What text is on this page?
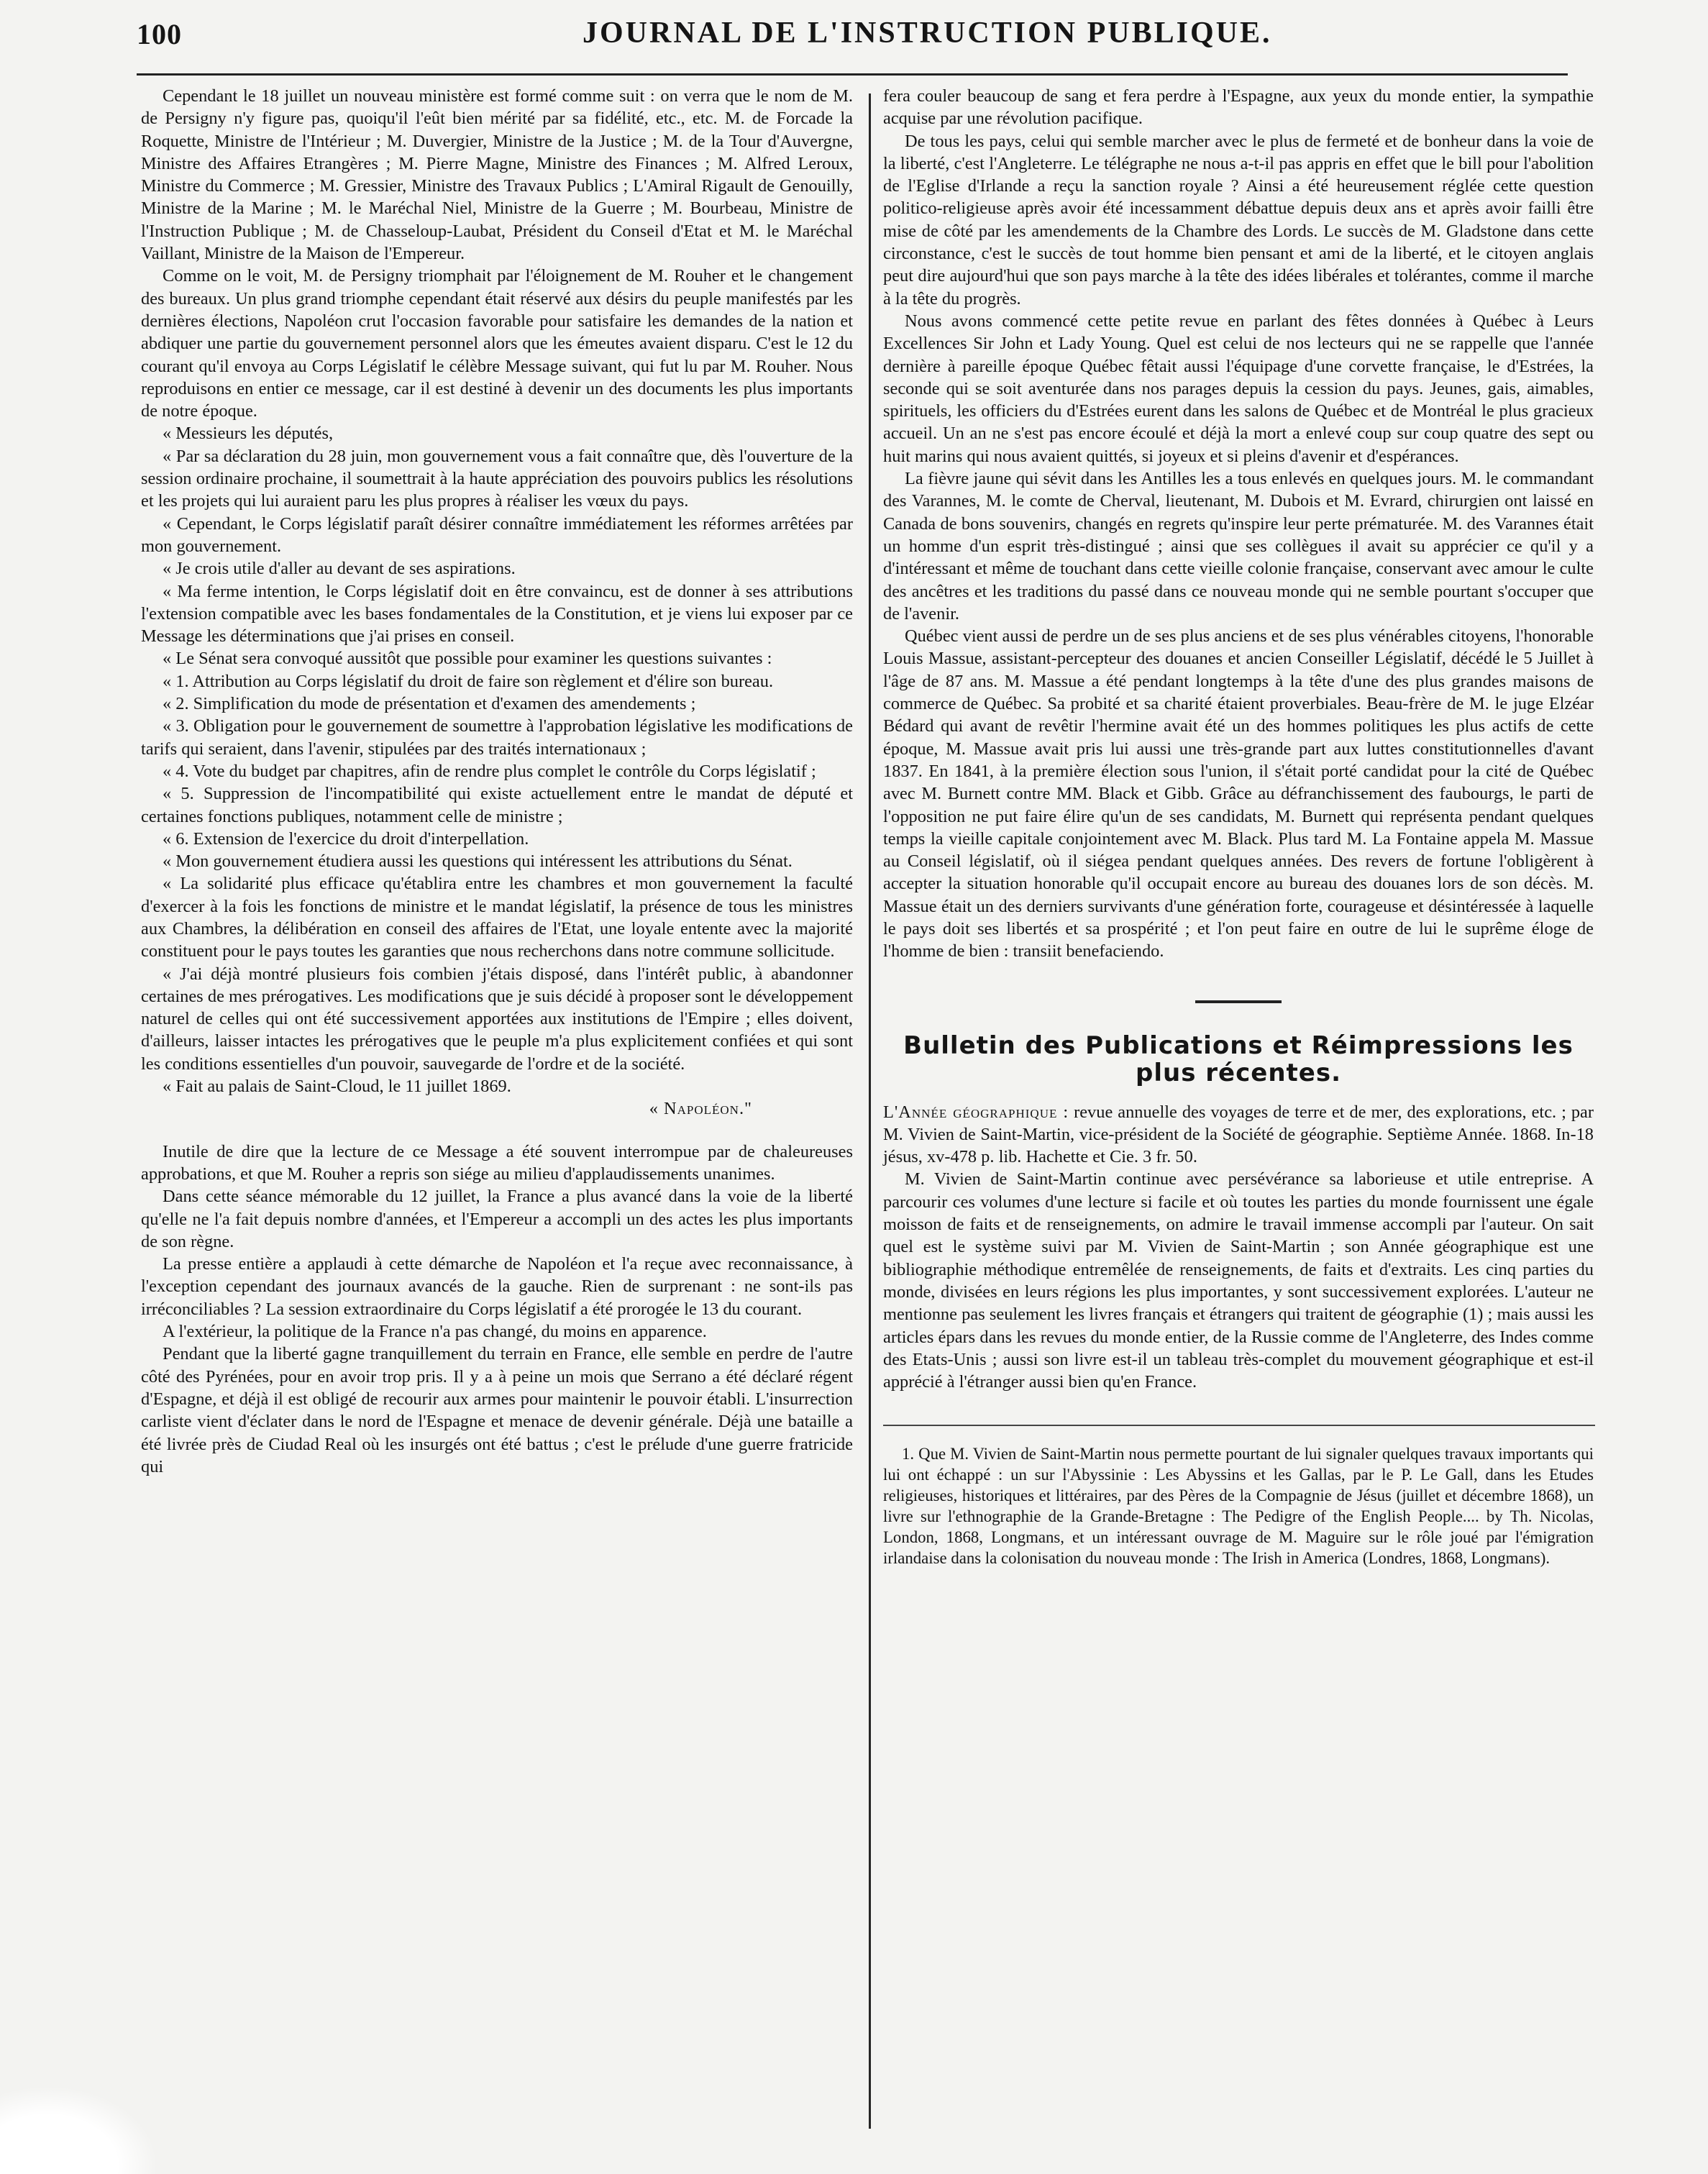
100	JOURNAL DE L'INSTRUCTION PUBLIQUE.

Cependant le 18 juillet un nouveau ministère est formé comme suit : on verra que le nom de M. de Persigny n'y figure pas, quoiqu'il l'eût bien mérité par sa fidélité, etc., etc. M. de Forcade la Roquette, Ministre de l'Intérieur ; M. Duvergier, Ministre de la Justice ; M. de la Tour d'Auvergne, Ministre des Affaires Etrangères ; M. Pierre Magne, Ministre des Finances ; M. Alfred Leroux, Ministre du Commerce ; M. Gressier, Ministre des Travaux Publics ; L'Amiral Rigault de Genouilly, Ministre de la Marine ; M. le Maréchal Niel, Ministre de la Guerre ; M. Bourbeau, Ministre de l'Instruction Publique ; M. de Chasseloup-Laubat, Président du Conseil d'Etat et M. le Maréchal Vaillant, Ministre de la Maison de l'Empereur.

Comme on le voit, M. de Persigny triomphait par l'éloignement de M. Rouher et le changement des bureaux. Un plus grand triomphe cependant était réservé aux désirs du peuple manifestés par les dernières élections, Napoléon crut l'occasion favorable pour satisfaire les demandes de la nation et abdiquer une partie du gouvernement personnel alors que les émeutes avaient disparu. C'est le 12 du courant qu'il envoya au Corps Législatif le célèbre Message suivant, qui fut lu par M. Rouher. Nous reproduisons en entier ce message, car il est destiné à devenir un des documents les plus importants de notre époque.

« Messieurs les députés,

« Par sa déclaration du 28 juin, mon gouvernement vous a fait connaître que, dès l'ouverture de la session ordinaire prochaine, il soumettrait à la haute appréciation des pouvoirs publics les résolutions et les projets qui lui auraient paru les plus propres à réaliser les vœux du pays.

« Cependant, le Corps législatif paraît désirer connaître immédiatement les réformes arrêtées par mon gouvernement.

« Je crois utile d'aller au devant de ses aspirations.

« Ma ferme intention, le Corps législatif doit en être convaincu, est de donner à ses attributions l'extension compatible avec les bases fondamentales de la Constitution, et je viens lui exposer par ce Message les déterminations que j'ai prises en conseil.

« Le Sénat sera convoqué aussitôt que possible pour examiner les questions suivantes :

« 1. Attribution au Corps législatif du droit de faire son règlement et d'élire son bureau.

« 2. Simplification du mode de présentation et d'examen des amendements ;

« 3. Obligation pour le gouvernement de soumettre à l'approbation législative les modifications de tarifs qui seraient, dans l'avenir, stipulées par des traités internationaux ;

« 4. Vote du budget par chapitres, afin de rendre plus complet le contrôle du Corps législatif ;

« 5. Suppression de l'incompatibilité qui existe actuellement entre le mandat de député et certaines fonctions publiques, notamment celle de ministre ;

« 6. Extension de l'exercice du droit d'interpellation.

« Mon gouvernement étudiera aussi les questions qui intéressent les attributions du Sénat.

« La solidarité plus efficace qu'établira entre les chambres et mon gouvernement la faculté d'exercer à la fois les fonctions de ministre et le mandat législatif, la présence de tous les ministres aux Chambres, la délibération en conseil des affaires de l'Etat, une loyale entente avec la majorité constituent pour le pays toutes les garanties que nous recherchons dans notre commune sollicitude.

« J'ai déjà montré plusieurs fois combien j'étais disposé, dans l'intérêt public, à abandonner certaines de mes prérogatives. Les modifications que je suis décidé à proposer sont le développement naturel de celles qui ont été successivement apportées aux institutions de l'Empire ; elles doivent, d'ailleurs, laisser intactes les prérogatives que le peuple m'a plus explicitement confiées et qui sont les conditions essentielles d'un pouvoir, sauvegarde de l'ordre et de la société.

« Fait au palais de Saint-Cloud, le 11 juillet 1869.

« Napoléon."

Inutile de dire que la lecture de ce Message a été souvent interrompue par de chaleureuses approbations, et que M. Rouher a repris son siége au milieu d'applaudissements unanimes.

Dans cette séance mémorable du 12 juillet, la France a plus avancé dans la voie de la liberté qu'elle ne l'a fait depuis nombre d'années, et l'Empereur a accompli un des actes les plus importants de son règne.

La presse entière a applaudi à cette démarche de Napoléon et l'a reçue avec reconnaissance, à l'exception cependant des journaux avancés de la gauche. Rien de surprenant : ne sont-ils pas irréconciliables ? La session extraordinaire du Corps législatif a été prorogée le 13 du courant.

A l'extérieur, la politique de la France n'a pas changé, du moins en apparence.

Pendant que la liberté gagne tranquillement du terrain en France, elle semble en perdre de l'autre côté des Pyrénées, pour en avoir trop pris. Il y a à peine un mois que Serrano a été déclaré régent d'Espagne, et déjà il est obligé de recourir aux armes pour maintenir le pouvoir établi. L'insurrection carliste vient d'éclater dans le nord de l'Espagne et menace de devenir générale. Déjà une bataille a été livrée près de Ciudad Real où les insurgés ont été battus ; c'est le prélude d'une guerre fratricide qui

fera couler beaucoup de sang et fera perdre à l'Espagne, aux yeux du monde entier, la sympathie acquise par une révolution pacifique.

De tous les pays, celui qui semble marcher avec le plus de fermeté et de bonheur dans la voie de la liberté, c'est l'Angleterre. Le télégraphe ne nous a-t-il pas appris en effet que le bill pour l'abolition de l'Eglise d'Irlande a reçu la sanction royale ? Ainsi a été heureusement réglée cette question politico-religieuse après avoir été incessamment débattue depuis deux ans et après avoir failli être mise de côté par les amendements de la Chambre des Lords. Le succès de M. Gladstone dans cette circonstance, c'est le succès de tout homme bien pensant et ami de la liberté, et le citoyen anglais peut dire aujourd'hui que son pays marche à la tête des idées libérales et tolérantes, comme il marche à la tête du progrès.

Nous avons commencé cette petite revue en parlant des fêtes données à Québec à Leurs Excellences Sir John et Lady Young. Quel est celui de nos lecteurs qui ne se rappelle que l'année dernière à pareille époque Québec fêtait aussi l'équipage d'une corvette française, le d'Estrées, la seconde qui se soit aventurée dans nos parages depuis la cession du pays. Jeunes, gais, aimables, spirituels, les officiers du d'Estrées eurent dans les salons de Québec et de Montréal le plus gracieux accueil. Un an ne s'est pas encore écoulé et déjà la mort a enlevé coup sur coup quatre des sept ou huit marins qui nous avaient quittés, si joyeux et si pleins d'avenir et d'espérances.

La fièvre jaune qui sévit dans les Antilles les a tous enlevés en quelques jours. M. le commandant des Varannes, M. le comte de Cherval, lieutenant, M. Dubois et M. Evrard, chirurgien ont laissé en Canada de bons souvenirs, changés en regrets qu'inspire leur perte prématurée. M. des Varannes était un homme d'un esprit très-distingué ; ainsi que ses collègues il avait su apprécier ce qu'il y a d'intéressant et même de touchant dans cette vieille colonie française, conservant avec amour le culte des ancêtres et les traditions du passé dans ce nouveau monde qui ne semble pourtant s'occuper que de l'avenir.

Québec vient aussi de perdre un de ses plus anciens et de ses plus vénérables citoyens, l'honorable Louis Massue, assistant-percepteur des douanes et ancien Conseiller Législatif, décédé le 5 Juillet à l'âge de 87 ans. M. Massue a été pendant longtemps à la tête d'une des plus grandes maisons de commerce de Québec. Sa probité et sa charité étaient proverbiales. Beau-frère de M. le juge Elzéar Bédard qui avant de revêtir l'hermine avait été un des hommes politiques les plus actifs de cette époque, M. Massue avait pris lui aussi une très-grande part aux luttes constitutionnelles d'avant 1837. En 1841, à la première élection sous l'union, il s'était porté candidat pour la cité de Québec avec M. Burnett contre MM. Black et Gibb. Grâce au défranchissement des faubourgs, le parti de l'opposition ne put faire élire qu'un de ses candidats, M. Burnett qui représenta pendant quelques temps la vieille capitale conjointement avec M. Black. Plus tard M. La Fontaine appela M. Massue au Conseil législatif, où il siégea pendant quelques années. Des revers de fortune l'obligèrent à accepter la situation honorable qu'il occupait encore au bureau des douanes lors de son décès. M. Massue était un des derniers survivants d'une génération forte, courageuse et désintéressée à laquelle le pays doit ses libertés et sa prospérité ; et l'on peut faire en outre de lui le suprême éloge de l'homme de bien : transiit benefaciendo.

Bulletin des Publications et Réimpressions les plus récentes.

L'Année géographique : revue annuelle des voyages de terre et de mer, des explorations, etc. ; par M. Vivien de Saint-Martin, vice-président de la Société de géographie. Septième Année. 1868. In-18 jésus, xv-478 p. lib. Hachette et Cie. 3 fr. 50.

M. Vivien de Saint-Martin continue avec persévérance sa laborieuse et utile entreprise. A parcourir ces volumes d'une lecture si facile et où toutes les parties du monde fournissent une égale moisson de faits et de renseignements, on admire le travail immense accompli par l'auteur. On sait quel est le système suivi par M. Vivien de Saint-Martin ; son Année géographique est une bibliographie méthodique entremêlée de renseignements, de faits et d'extraits. Les cinq parties du monde, divisées en leurs régions les plus importantes, y sont successivement explorées. L'auteur ne mentionne pas seulement les livres français et étrangers qui traitent de géographie (1) ; mais aussi les articles épars dans les revues du monde entier, de la Russie comme de l'Angleterre, des Indes comme des Etats-Unis ; aussi son livre est-il un tableau très-complet du mouvement géographique et est-il apprécié à l'étranger aussi bien qu'en France.

1. Que M. Vivien de Saint-Martin nous permette pourtant de lui signaler quelques travaux importants qui lui ont échappé : un sur l'Abyssinie : Les Abyssins et les Gallas, par le P. Le Gall, dans les Etudes religieuses, historiques et littéraires, par des Pères de la Compagnie de Jésus (juillet et décembre 1868), un livre sur l'ethnographie de la Grande-Bretagne : The Pedigre of the English People.... by Th. Nicolas, London, 1868, Longmans, et un intéressant ouvrage de M. Maguire sur le rôle joué par l'émigration irlandaise dans la colonisation du nouveau monde : The Irish in America (Londres, 1868, Longmans).
